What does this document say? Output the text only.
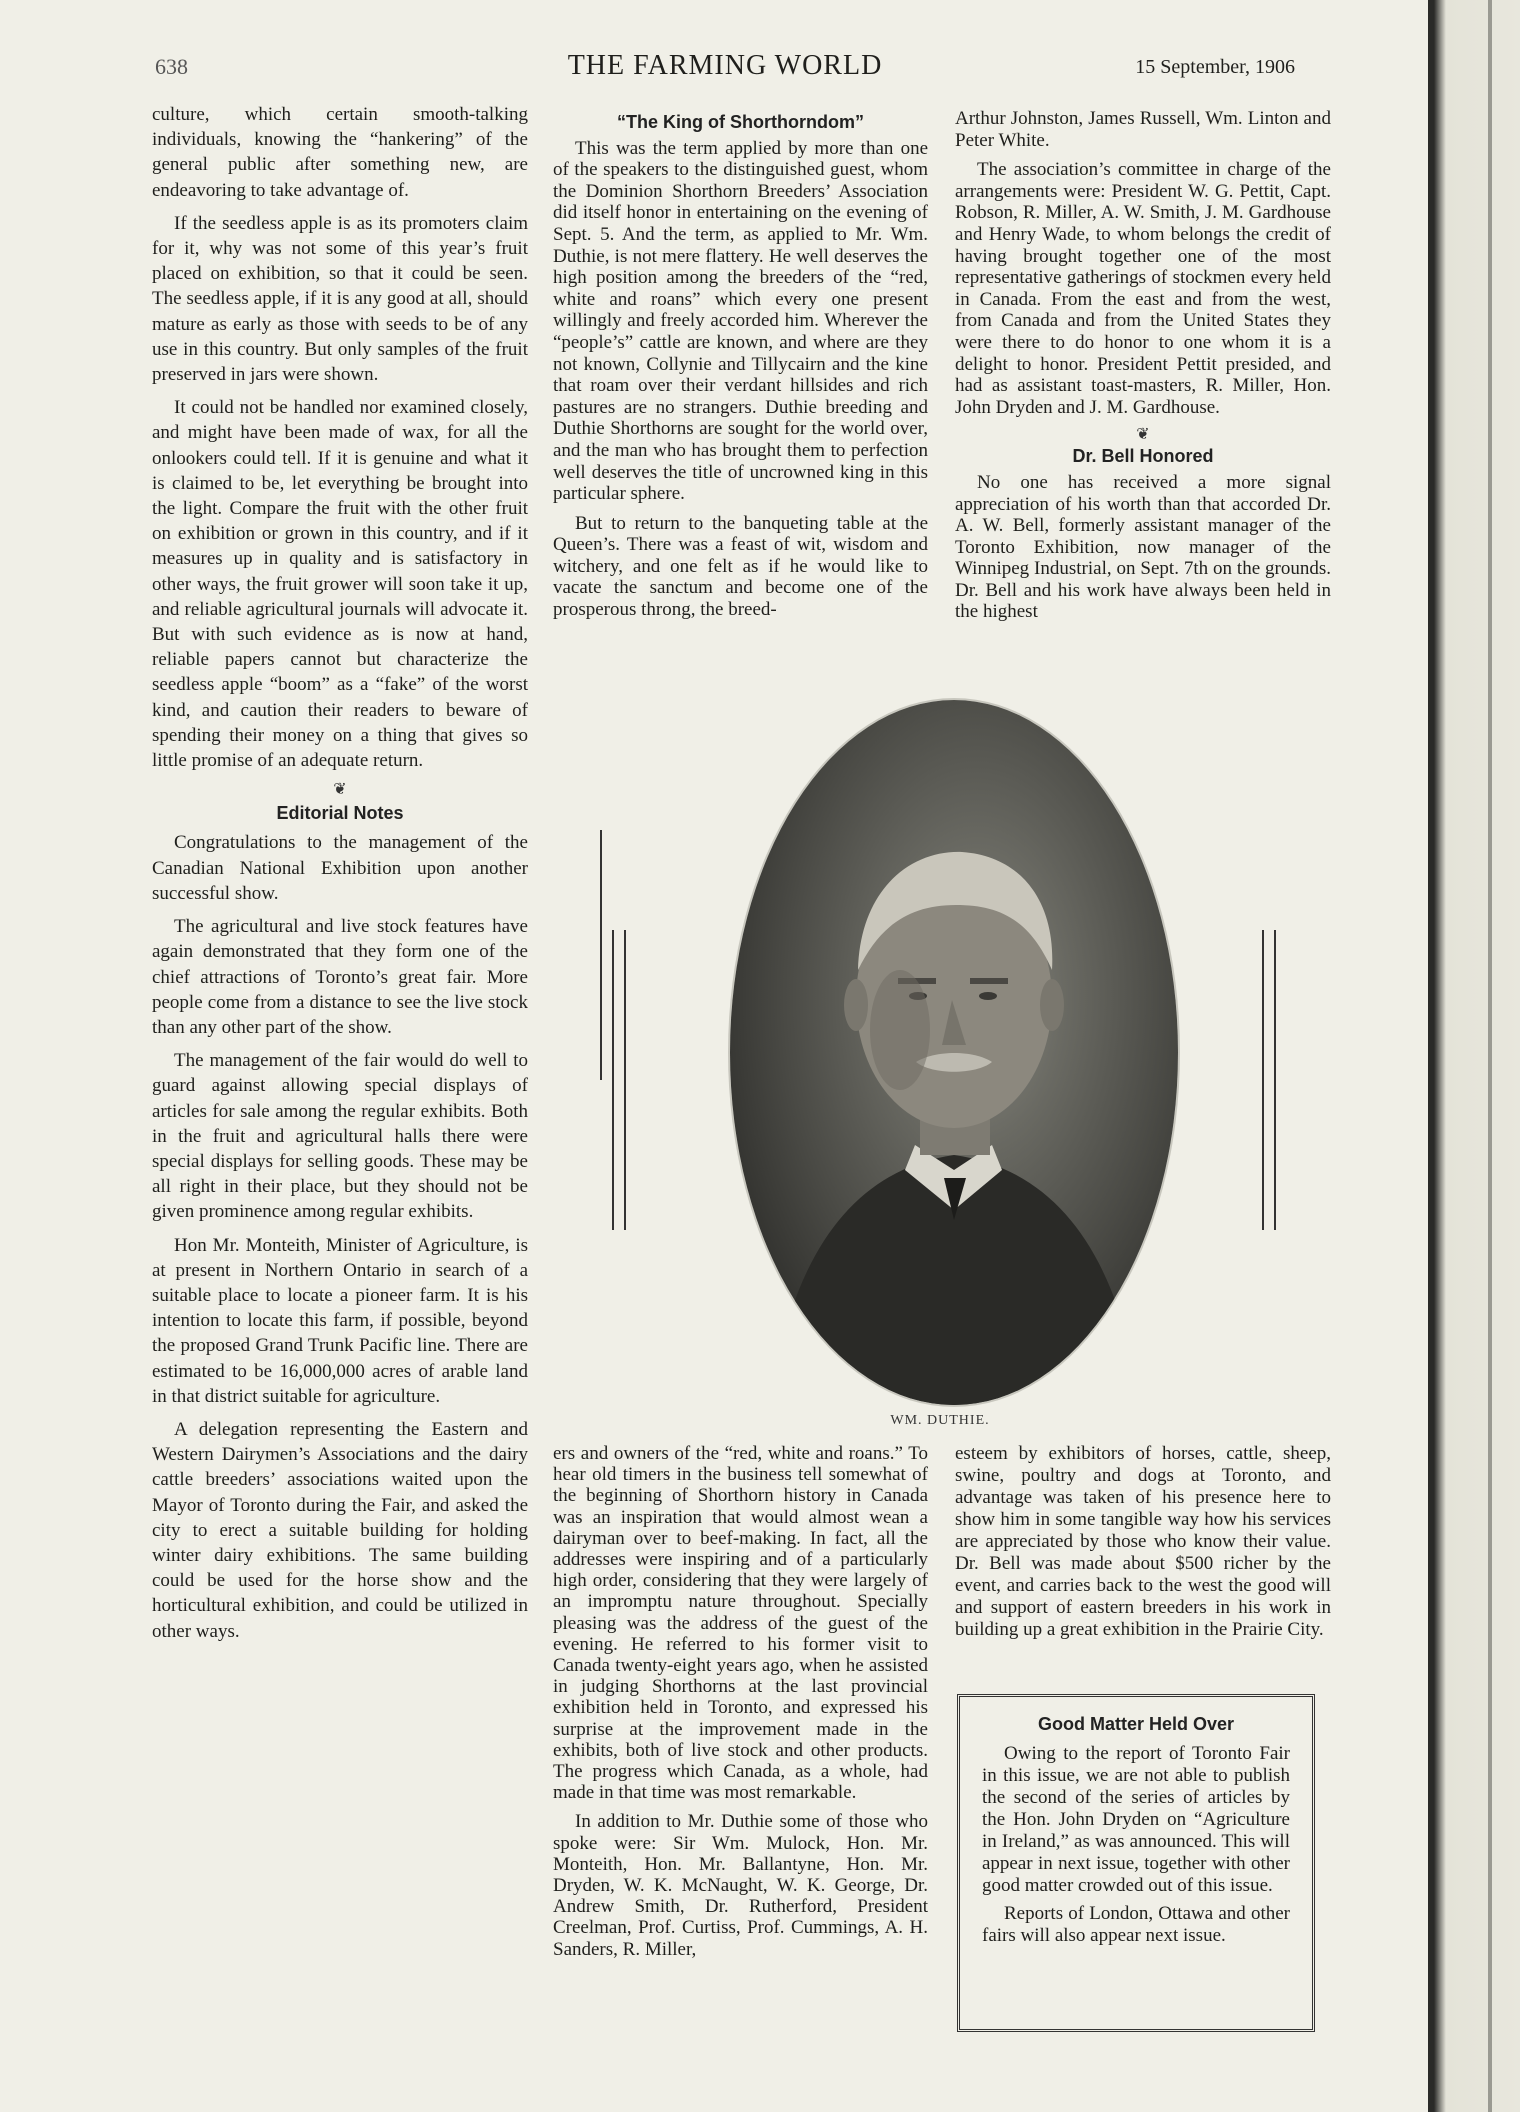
638	THE FARMING WORLD	15 September, 1906

culture, which certain smooth-talking individuals, knowing the “hankering” of the general public after something new, are endeavoring to take advantage of.

If the seedless apple is as its promoters claim for it, why was not some of this year’s fruit placed on exhibition, so that it could be seen. The seedless apple, if it is any good at all, should mature as early as those with seeds to be of any use in this country. But only samples of the fruit preserved in jars were shown.

It could not be handled nor examined closely, and might have been made of wax, for all the onlookers could tell. If it is genuine and what it is claimed to be, let everything be brought into the light. Compare the fruit with the other fruit on exhibition or grown in this country, and if it measures up in quality and is satisfactory in other ways, the fruit grower will soon take it up, and reliable agricultural journals will advocate it. But with such evidence as is now at hand, reliable papers cannot but characterize the seedless apple “boom” as a “fake” of the worst kind, and caution their readers to beware of spending their money on a thing that gives so little promise of an adequate return.

❦
Editorial Notes

Congratulations to the management of the Canadian National Exhibition upon another successful show.

The agricultural and live stock features have again demonstrated that they form one of the chief attractions of Toronto’s great fair. More people come from a distance to see the live stock than any other part of the show.

The management of the fair would do well to guard against allowing special displays of articles for sale among the regular exhibits. Both in the fruit and agricultural halls there were special displays for selling goods. These may be all right in their place, but they should not be given prominence among regular exhibits.

Hon Mr. Monteith, Minister of Agriculture, is at present in Northern Ontario in search of a suitable place to locate a pioneer farm. It is his intention to locate this farm, if possible, beyond the proposed Grand Trunk Pacific line. There are estimated to be 16,000,000 acres of arable land in that district suitable for agriculture.

A delegation representing the Eastern and Western Dairymen’s Associations and the dairy cattle breeders’ associations waited upon the Mayor of Toronto during the Fair, and asked the city to erect a suitable building for holding winter dairy exhibitions. The same building could be used for the horse show and the horticultural exhibition, and could be utilized in other ways.

“The King of Shorthorndom”

This was the term applied by more than one of the speakers to the distinguished guest, whom the Dominion Shorthorn Breeders’ Association did itself honor in entertaining on the evening of Sept. 5. And the term, as applied to Mr. Wm. Duthie, is not mere flattery. He well deserves the high position among the breeders of the “red, white and roans” which every one present willingly and freely accorded him. Wherever the “people’s” cattle are known, and where are they not known, Collynie and Tillycairn and the kine that roam over their verdant hillsides and rich pastures are no strangers. Duthie breeding and Duthie Shorthorns are sought for the world over, and the man who has brought them to perfection well deserves the title of uncrowned king in this particular sphere.

But to return to the banqueting table at the Queen’s. There was a feast of wit, wisdom and witchery, and one felt as if he would like to vacate the sanctum and become one of the prosperous throng, the breed-

Arthur Johnston, James Russell, Wm. Linton and Peter White.

The association’s committee in charge of the arrangements were: President W. G. Pettit, Capt. Robson, R. Miller, A. W. Smith, J. M. Gardhouse and Henry Wade, to whom belongs the credit of having brought together one of the most representative gatherings of stockmen every held in Canada. From the east and from the west, from Canada and from the United States they were there to do honor to one whom it is a delight to honor. President Pettit presided, and had as assistant toast-masters, R. Miller, Hon. John Dryden and J. M. Gardhouse.

❦
Dr. Bell Honored

No one has received a more signal appreciation of his worth than that accorded Dr. A. W. Bell, formerly assistant manager of the Toronto Exhibition, now manager of the Winnipeg Industrial, on Sept. 7th on the grounds. Dr. Bell and his work have always been held in the highest

WM. DUTHIE.

ers and owners of the “red, white and roans.” To hear old timers in the business tell somewhat of the beginning of Shorthorn history in Canada was an inspiration that would almost wean a dairyman over to beef-making. In fact, all the addresses were inspiring and of a particularly high order, considering that they were largely of an impromptu nature throughout. Specially pleasing was the address of the guest of the evening. He referred to his former visit to Canada twenty-eight years ago, when he assisted in judging Shorthorns at the last provincial exhibition held in Toronto, and expressed his surprise at the improvement made in the exhibits, both of live stock and other products. The progress which Canada, as a whole, had made in that time was most remarkable.

In addition to Mr. Duthie some of those who spoke were: Sir Wm. Mulock, Hon. Mr. Monteith, Hon. Mr. Ballantyne, Hon. Mr. Dryden, W. K. McNaught, W. K. George, Dr. Andrew Smith, Dr. Rutherford, President Creelman, Prof. Curtiss, Prof. Cummings, A. H. Sanders, R. Miller,

esteem by exhibitors of horses, cattle, sheep, swine, poultry and dogs at Toronto, and advantage was taken of his presence here to show him in some tangible way how his services are appreciated by those who know their value. Dr. Bell was made about $500 richer by the event, and carries back to the west the good will and support of eastern breeders in his work in building up a great exhibition in the Prairie City.

Good Matter Held Over

Owing to the report of Toronto Fair in this issue, we are not able to publish the second of the series of articles by the Hon. John Dryden on “Agriculture in Ireland,” as was announced. This will appear in next issue, together with other good matter crowded out of this issue.

Reports of London, Ottawa and other fairs will also appear next issue.
